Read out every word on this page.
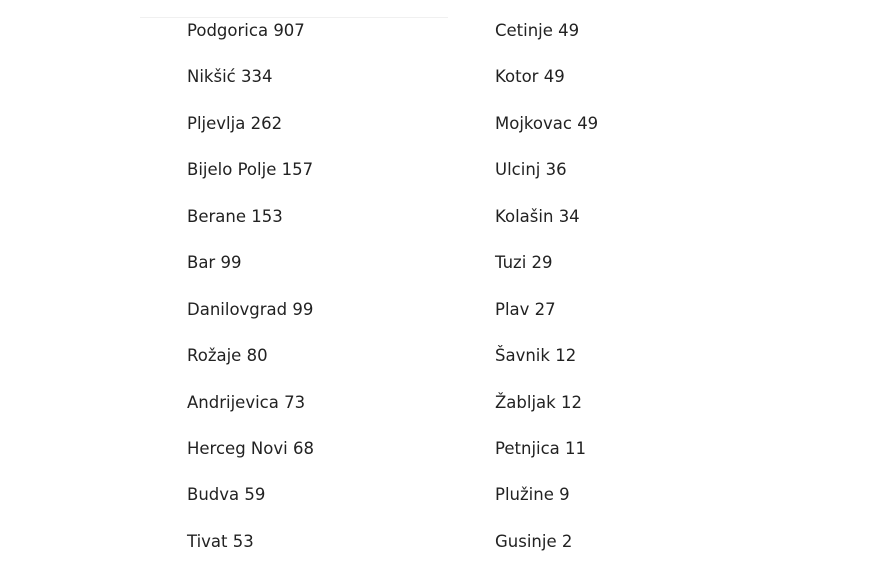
Podgorica 907
Nikšić 334
Pljevlja 262
Bijelo Polje 157
Berane 153
Bar 99
Danilovgrad 99
Rožaje 80
Andrijevica 73
Herceg Novi 68
Budva 59
Tivat 53
Cetinje 49
Kotor 49
Mojkovac 49
Ulcinj 36
Kolašin 34
Tuzi 29
Plav 27
Šavnik 12
Žabljak 12
Petnjica 11
Plužine 9
Gusinje 2
